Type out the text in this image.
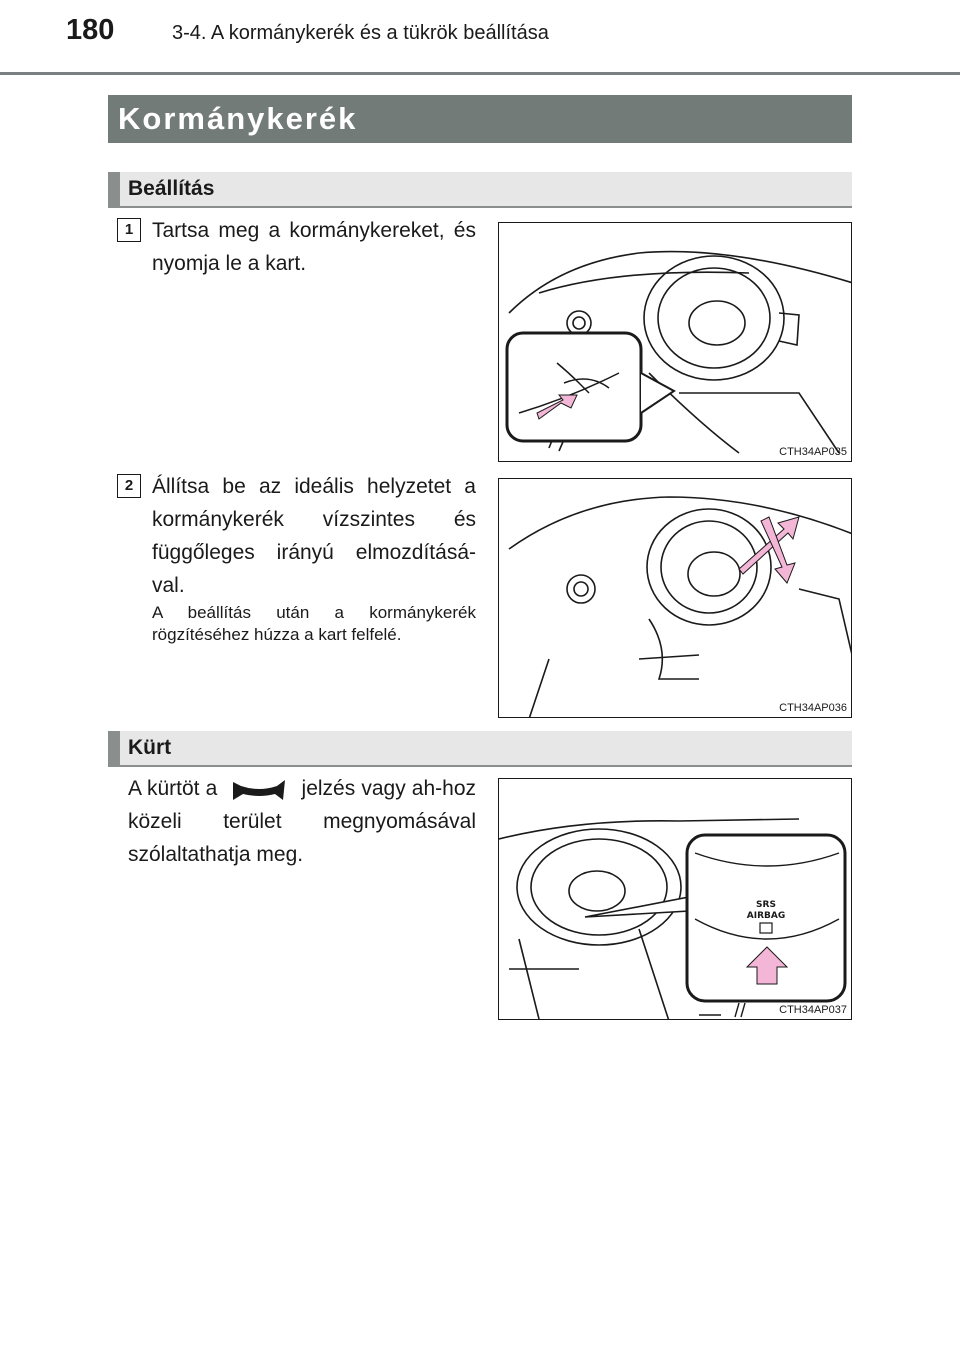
180	3-4. A kormánykerék és a tükrök beállítása
Kormánykerék
Beállítás
1 Tartsa meg a kormánykereket, és nyomja le a kart.
CTH34AP035
2 Állítsa be az ideális helyzetet a kormánykerék vízszintes és függőleges irányú elmozdításá-val.
A beállítás után a kormánykerék rögzítéséhez húzza a kart felfelé.
CTH34AP036
Kürt
A kürtöt a	jelzés vagy ah-hoz közeli terület megnyomásával szólaltathatja meg.
SRS
AIRBAG
CTH34AP037
